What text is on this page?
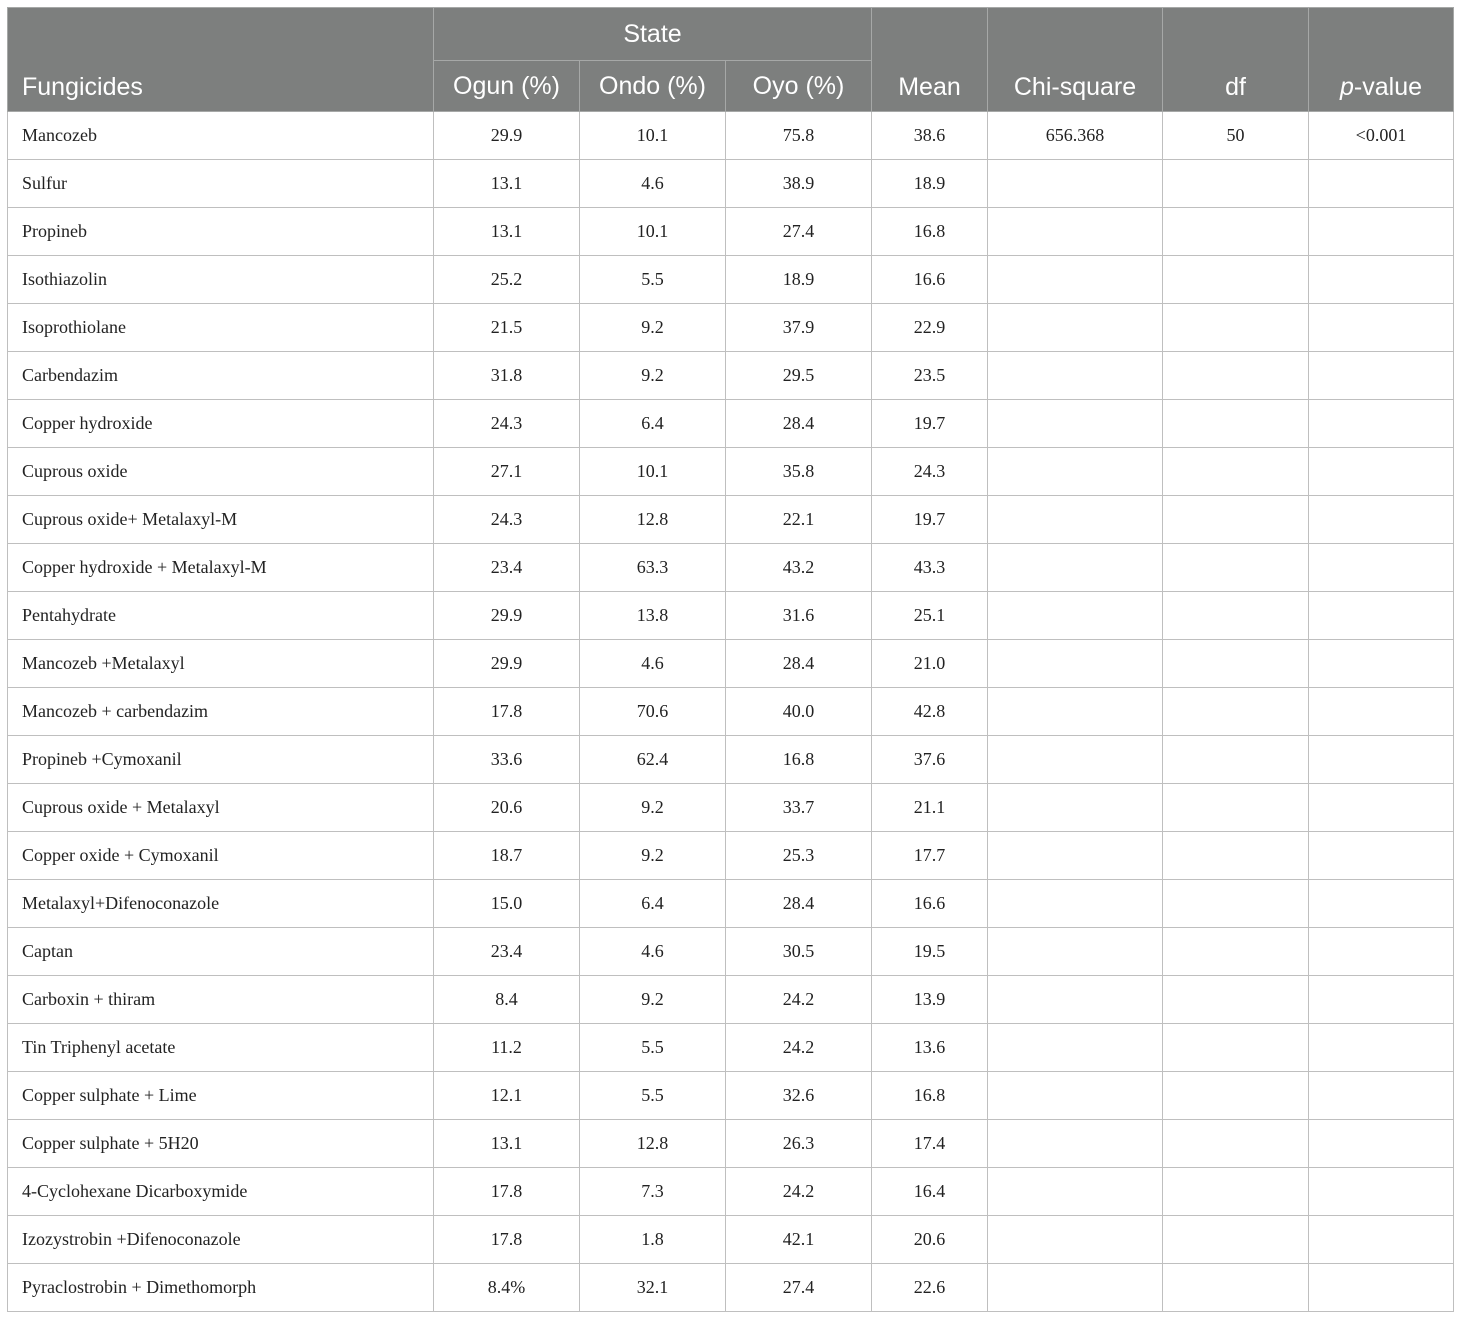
Fungicides	State			Mean	Chi-square	df	p-value
	Ogun (%)	Ondo (%)	Oyo (%)				
Mancozeb	29.9	10.1	75.8	38.6	656.368	50	<0.001
Sulfur	13.1	4.6	38.9	18.9			
Propineb	13.1	10.1	27.4	16.8			
Isothiazolin	25.2	5.5	18.9	16.6			
Isoprothiolane	21.5	9.2	37.9	22.9			
Carbendazim	31.8	9.2	29.5	23.5			
Copper hydroxide	24.3	6.4	28.4	19.7			
Cuprous oxide	27.1	10.1	35.8	24.3			
Cuprous oxide+ Metalaxyl-M	24.3	12.8	22.1	19.7			
Copper hydroxide + Metalaxyl-M	23.4	63.3	43.2	43.3			
Pentahydrate	29.9	13.8	31.6	25.1			
Mancozeb +Metalaxyl	29.9	4.6	28.4	21.0			
Mancozeb + carbendazim	17.8	70.6	40.0	42.8			
Propineb +Cymoxanil	33.6	62.4	16.8	37.6			
Cuprous oxide + Metalaxyl	20.6	9.2	33.7	21.1			
Copper oxide + Cymoxanil	18.7	9.2	25.3	17.7			
Metalaxyl+Difenoconazole	15.0	6.4	28.4	16.6			
Captan	23.4	4.6	30.5	19.5			
Carboxin + thiram	8.4	9.2	24.2	13.9			
Tin Triphenyl acetate	11.2	5.5	24.2	13.6			
Copper sulphate + Lime	12.1	5.5	32.6	16.8			
Copper sulphate + 5H20	13.1	12.8	26.3	17.4			
4-Cyclohexane Dicarboxymide	17.8	7.3	24.2	16.4			
Izozystrobin +Difenoconazole	17.8	1.8	42.1	20.6			
Pyraclostrobin + Dimethomorph	8.4%	32.1	27.4	22.6			
